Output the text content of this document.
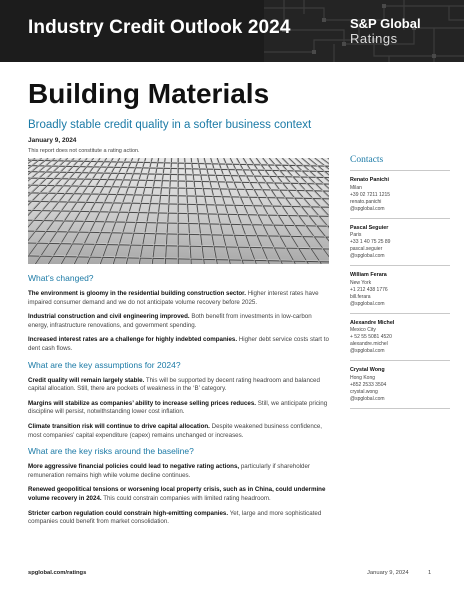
Industry Credit Outlook 2024	S&P Global
Ratings
Building Materials
Broadly stable credit quality in a softer business context
January 9, 2024
This report does not constitute a rating action.
What’s changed?

The environment is gloomy in the residential building construction sector. Higher interest rates have impaired consumer demand and we do not anticipate volume recovery before 2025.

Industrial construction and civil engineering improved. Both benefit from investments in low-carbon energy, infrastructure renovations, and government spending.

Increased interest rates are a challenge for highly indebted companies. Higher debt service costs start to dent cash flows.

What are the key assumptions for 2024?

Credit quality will remain largely stable. This will be supported by decent rating headroom and balanced capital allocation. Still, there are pockets of weakness in the ‘B’ category.

Margins will stabilize as companies’ ability to increase selling prices reduces. Still, we anticipate pricing discipline will persist, notwithstanding lower cost inflation.

Climate transition risk will continue to drive capital allocation. Despite weakened business confidence, most companies’ capital expenditure (capex) remains unchanged or increases.

What are the key risks around the baseline?

More aggressive financial policies could lead to negative rating actions, particularly if shareholder remuneration remains high while volume decline continues.

Renewed geopolitical tensions or worsening local property crisis, such as in China, could undermine volume recovery in 2024. This could constrain companies with limited rating headroom.

Stricter carbon regulation could constrain high-emitting companies. Yet, large and more sophisticated companies could benefit from market consolidation.

Contacts
Renato Panichi
Milan
+39 02 7211 1215
renato.panichi
@spglobal.com
Pascal Seguier
Paris
+33 1 40 75 25 89
pascal.seguier
@spglobal.com
William Ferara
New York
+1 212 438 1776
bill.ferara
@spglobal.com
Alexandre Michel
Mexico City
+ 52 55 5081 4520
alexandre.michel
@spglobal.com
Crystal Wong
Hong Kong
+852 2533 3504
crystal.wong
@spglobal.com
spglobal.com/ratings	January 9, 2024	1
